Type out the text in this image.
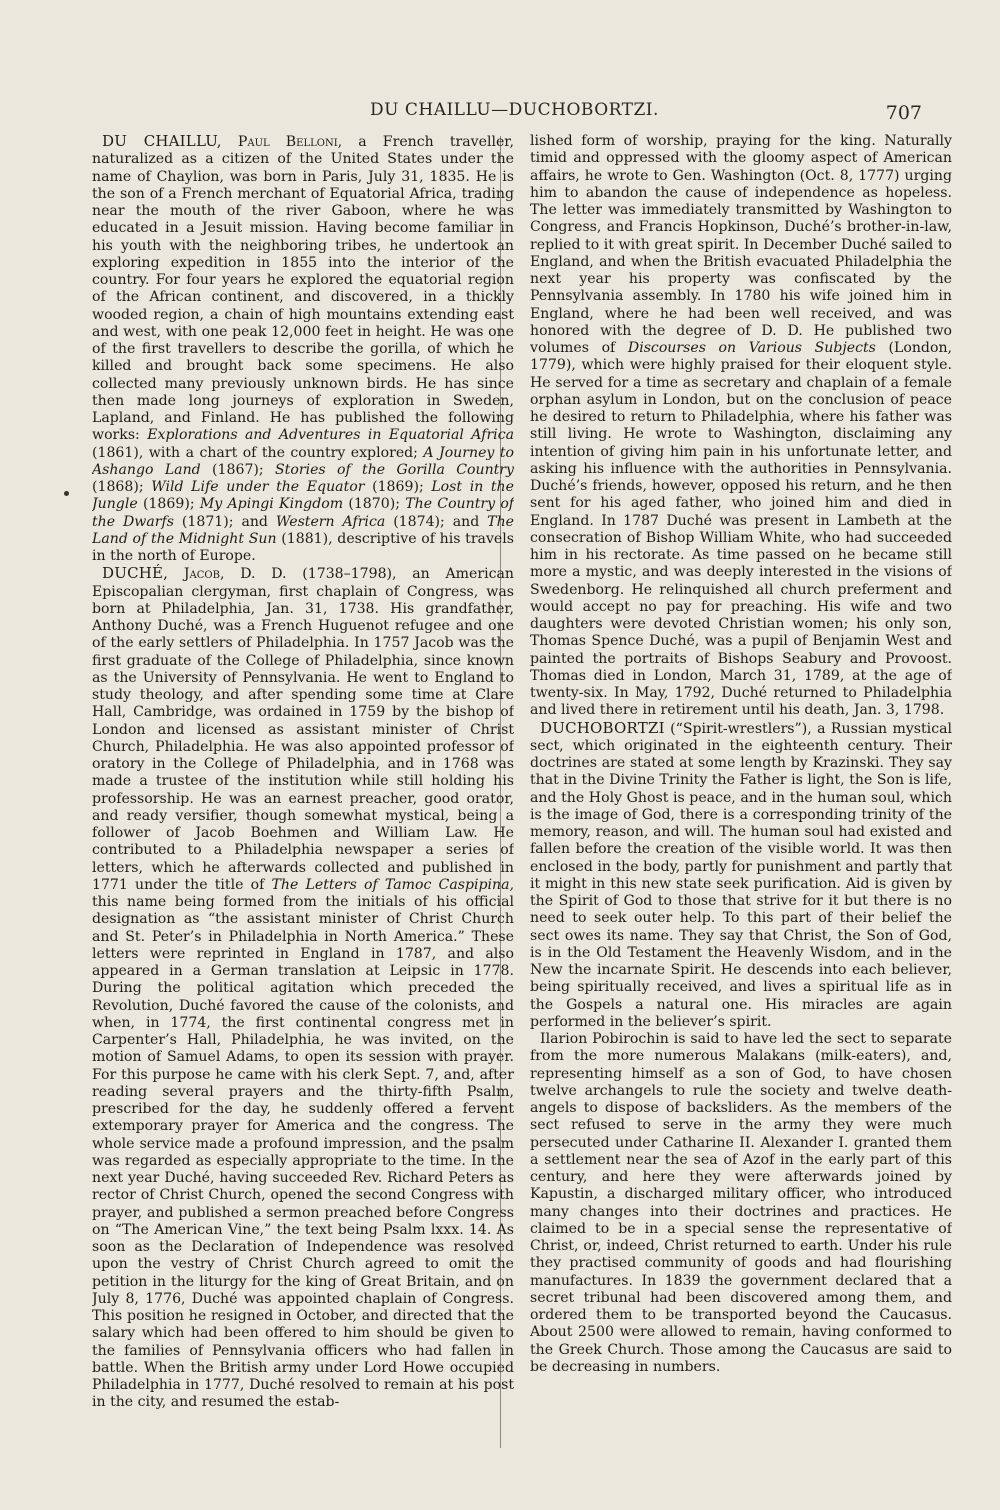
DU CHAILLU—DUCHOBORTZI.	707

DU CHAILLU, Paul Belloni, a French traveller, naturalized as a citizen of the United States under the name of Chaylion, was born in Paris, July 31, 1835. He is the son of a French merchant of Equatorial Africa, trading near the mouth of the river Gaboon, where he was educated in a Jesuit mission. Having become familiar in his youth with the neighboring tribes, he undertook an exploring expedition in 1855 into the interior of the country. For four years he explored the equatorial region of the African continent, and discovered, in a thickly wooded region, a chain of high mountains extending east and west, with one peak 12,000 feet in height. He was one of the first travellers to describe the gorilla, of which he killed and brought back some specimens. He also collected many previously unknown birds. He has since then made long journeys of exploration in Sweden, Lapland, and Finland. He has published the following works: Explorations and Adventures in Equatorial Africa (1861), with a chart of the country explored; A Journey to Ashango Land (1867); Stories of the Gorilla Country (1868); Wild Life under the Equator (1869); Lost in the Jungle (1869); My Apingi Kingdom (1870); The Country of the Dwarfs (1871); and Western Africa (1874); and The Land of the Midnight Sun (1881), descriptive of his travels in the north of Europe.

DUCHÉ, Jacob, D. D. (1738–1798), an American Episcopalian clergyman, first chaplain of Congress, was born at Philadelphia, Jan. 31, 1738. His grandfather, Anthony Duché, was a French Huguenot refugee and one of the early settlers of Philadelphia. In 1757 Jacob was the first graduate of the College of Philadelphia, since known as the University of Pennsylvania. He went to England to study theology, and after spending some time at Clare Hall, Cambridge, was ordained in 1759 by the bishop of London and licensed as assistant minister of Christ Church, Philadelphia. He was also appointed professor of oratory in the College of Philadelphia, and in 1768 was made a trustee of the institution while still holding his professorship. He was an earnest preacher, good orator, and ready versifier, though somewhat mystical, being a follower of Jacob Boehmen and William Law. He contributed to a Philadelphia newspaper a series of letters, which he afterwards collected and published in 1771 under the title of The Letters of Tamoc Caspipina, this name being formed from the initials of his official designation as “the assistant minister of Christ Church and St. Peter’s in Philadelphia in North America.” These letters were reprinted in England in 1787, and also appeared in a German translation at Leipsic in 1778. During the political agitation which preceded the Revolution, Duché favored the cause of the colonists, and when, in 1774, the first continental congress met in Carpenter’s Hall, Philadelphia, he was invited, on the motion of Samuel Adams, to open its session with prayer. For this purpose he came with his clerk Sept. 7, and, after reading several prayers and the thirty-fifth Psalm, prescribed for the day, he suddenly offered a fervent extemporary prayer for America and the congress. The whole service made a profound impression, and the psalm was regarded as especially appropriate to the time. In the next year Duché, having succeeded Rev. Richard Peters as rector of Christ Church, opened the second Congress with prayer, and published a sermon preached before Congress on “The American Vine,” the text being Psalm lxxx. 14. As soon as the Declaration of Independence was resolved upon the vestry of Christ Church agreed to omit the petition in the liturgy for the king of Great Britain, and on July 8, 1776, Duché was appointed chaplain of Congress. This position he resigned in October, and directed that the salary which had been offered to him should be given to the families of Pennsylvania officers who had fallen in battle. When the British army under Lord Howe occupied Philadelphia in 1777, Duché resolved to remain at his post in the city, and resumed the estab-

lished form of worship, praying for the king. Naturally timid and oppressed with the gloomy aspect of American affairs, he wrote to Gen. Washington (Oct. 8, 1777) urging him to abandon the cause of independence as hopeless. The letter was immediately transmitted by Washington to Congress, and Francis Hopkinson, Duché’s brother-in-law, replied to it with great spirit. In December Duché sailed to England, and when the British evacuated Philadelphia the next year his property was confiscated by the Pennsylvania assembly. In 1780 his wife joined him in England, where he had been well received, and was honored with the degree of D. D. He published two volumes of Discourses on Various Subjects (London, 1779), which were highly praised for their eloquent style. He served for a time as secretary and chaplain of a female orphan asylum in London, but on the conclusion of peace he desired to return to Philadelphia, where his father was still living. He wrote to Washington, disclaiming any intention of giving him pain in his unfortunate letter, and asking his influence with the authorities in Pennsylvania. Duché’s friends, however, opposed his return, and he then sent for his aged father, who joined him and died in England. In 1787 Duché was present in Lambeth at the consecration of Bishop William White, who had succeeded him in his rectorate. As time passed on he became still more a mystic, and was deeply interested in the visions of Swedenborg. He relinquished all church preferment and would accept no pay for preaching. His wife and two daughters were devoted Christian women; his only son, Thomas Spence Duché, was a pupil of Benjamin West and painted the portraits of Bishops Seabury and Provoost. Thomas died in London, March 31, 1789, at the age of twenty-six. In May, 1792, Duché returned to Philadelphia and lived there in retirement until his death, Jan. 3, 1798.

DUCHOBORTZI (“Spirit-wrestlers”), a Russian mystical sect, which originated in the eighteenth century. Their doctrines are stated at some length by Krazinski. They say that in the Divine Trinity the Father is light, the Son is life, and the Holy Ghost is peace, and in the human soul, which is the image of God, there is a corresponding trinity of the memory, reason, and will. The human soul had existed and fallen before the creation of the visible world. It was then enclosed in the body, partly for punishment and partly that it might in this new state seek purification. Aid is given by the Spirit of God to those that strive for it but there is no need to seek outer help. To this part of their belief the sect owes its name. They say that Christ, the Son of God, is in the Old Testament the Heavenly Wisdom, and in the New the incarnate Spirit. He descends into each believer, being spiritually received, and lives a spiritual life as in the Gospels a natural one. His miracles are again performed in the believer’s spirit.

Ilarion Pobirochin is said to have led the sect to separate from the more numerous Malakans (milk-eaters), and, representing himself as a son of God, to have chosen twelve archangels to rule the society and twelve death-angels to dispose of backsliders. As the members of the sect refused to serve in the army they were much persecuted under Catharine II. Alexander I. granted them a settlement near the sea of Azof in the early part of this century, and here they were afterwards joined by Kapustin, a discharged military officer, who introduced many changes into their doctrines and practices. He claimed to be in a special sense the representative of Christ, or, indeed, Christ returned to earth. Under his rule they practised community of goods and had flourishing manufactures. In 1839 the government declared that a secret tribunal had been discovered among them, and ordered them to be transported beyond the Caucasus. About 2500 were allowed to remain, having conformed to the Greek Church. Those among the Caucasus are said to be decreasing in numbers.
